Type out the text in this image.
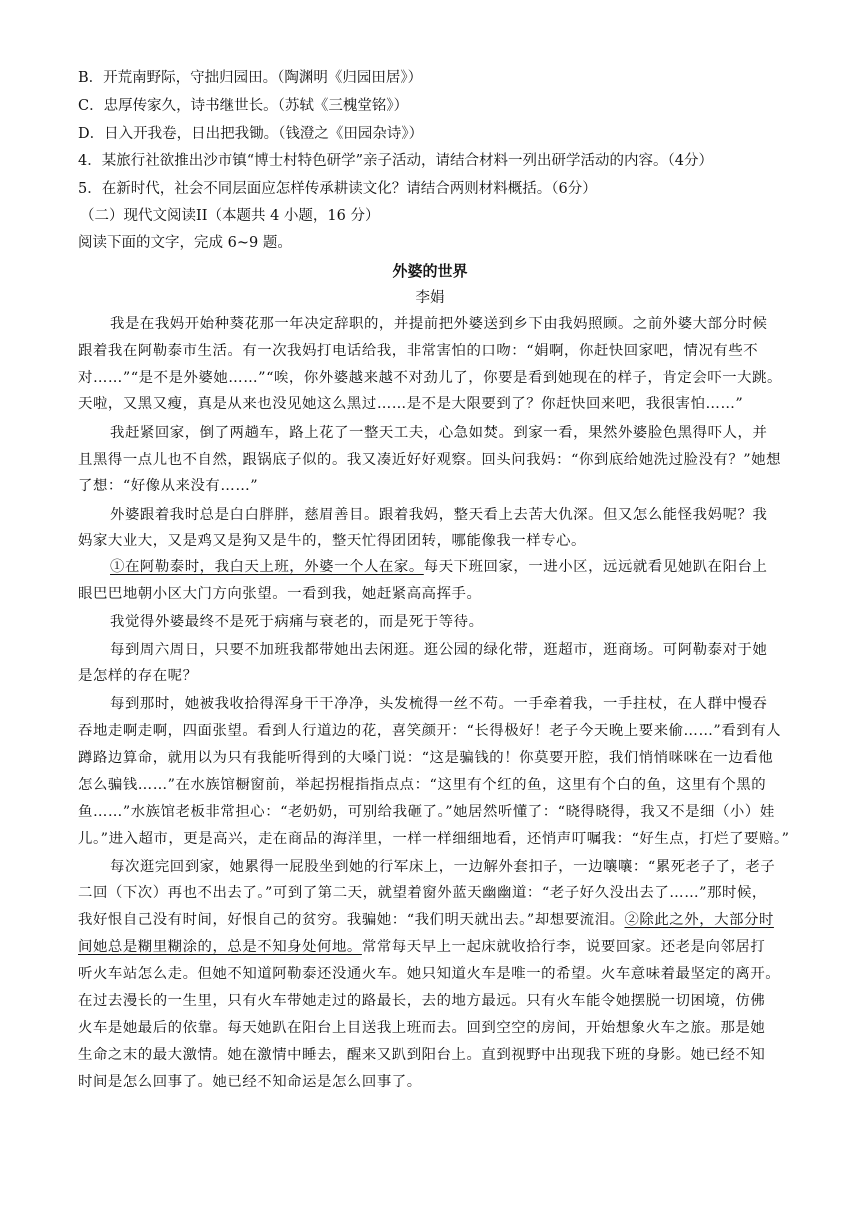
B．开荒南野际，守拙归园田。（陶渊明《归园田居》）
C．忠厚传家久，诗书继世长。（苏轼《三槐堂铭》）
D．日入开我卷，日出把我锄。（钱澄之《田园杂诗》）
4．某旅行社欲推出沙市镇“博士村特色研学”亲子活动，请结合材料一列出研学活动的内容。（4分）
5．在新时代，社会不同层面应怎样传承耕读文化？请结合两则材料概括。（6分）
（二）现代文阅读II（本题共 4 小题，16 分）
阅读下面的文字，完成 6~9 题。
外婆的世界
李娟
我是在我妈开始种葵花那一年决定辞职的，并提前把外婆送到乡下由我妈照顾。之前外婆大部分时候
跟着我在阿勒泰市生活。有一次我妈打电话给我，非常害怕的口吻：“娟啊，你赶快回家吧，情况有些不
对……”“是不是外婆她……”“唉，你外婆越来越不对劲儿了，你要是看到她现在的样子，肯定会吓一大跳。
天啦，又黑又瘦，真是从来也没见她这么黑过……是不是大限要到了？你赶快回来吧，我很害怕……”
我赶紧回家，倒了两趟车，路上花了一整天工夫，心急如焚。到家一看，果然外婆脸色黑得吓人，并
且黑得一点儿也不自然，跟锅底子似的。我又凑近好好观察。回头问我妈：“你到底给她洗过脸没有？”她想
了想：“好像从来没有……”
外婆跟着我时总是白白胖胖，慈眉善目。跟着我妈，整天看上去苦大仇深。但又怎么能怪我妈呢？我
妈家大业大，又是鸡又是狗又是牛的，整天忙得团团转，哪能像我一样专心。
①在阿勒泰时，我白天上班，外婆一个人在家。每天下班回家，一进小区，远远就看见她趴在阳台上
眼巴巴地朝小区大门方向张望。一看到我，她赶紧高高挥手。
我觉得外婆最终不是死于病痛与衰老的，而是死于等待。
每到周六周日，只要不加班我都带她出去闲逛。逛公园的绿化带，逛超市，逛商场。可阿勒泰对于她
是怎样的存在呢？
每到那时，她被我收拾得浑身干干净净，头发梳得一丝不苟。一手牵着我，一手拄杖，在人群中慢吞
吞地走啊走啊，四面张望。看到人行道边的花，喜笑颜开：“长得极好！老子今天晚上要来偷……”看到有人
蹲路边算命，就用以为只有我能听得到的大嗓门说：“这是骗钱的！你莫要开腔，我们悄悄咪咪在一边看他
怎么骗钱……”在水族馆橱窗前，举起拐棍指指点点：“这里有个红的鱼，这里有个白的鱼，这里有个黑的
鱼……”水族馆老板非常担心：“老奶奶，可别给我砸了。”她居然听懂了：“晓得晓得，我又不是细（小）娃
儿。”进入超市，更是高兴，走在商品的海洋里，一样一样细细地看，还悄声叮嘱我：“好生点，打烂了要赔。”
每次逛完回到家，她累得一屁股坐到她的行军床上，一边解外套扣子，一边嚷嚷：“累死老子了，老子
二回（下次）再也不出去了。”可到了第二天，就望着窗外蓝天幽幽道：“老子好久没出去了……”那时候，
我好恨自己没有时间，好恨自己的贫穷。我骗她：“我们明天就出去。”却想要流泪。②除此之外，大部分时
间她总是糊里糊涂的，总是不知身处何地。常常每天早上一起床就收拾行李，说要回家。还老是向邻居打
听火车站怎么走。但她不知道阿勒泰还没通火车。她只知道火车是唯一的希望。火车意味着最坚定的离开。
在过去漫长的一生里，只有火车带她走过的路最长，去的地方最远。只有火车能令她摆脱一切困境，仿佛
火车是她最后的依靠。每天她趴在阳台上目送我上班而去。回到空空的房间，开始想象火车之旅。那是她
生命之末的最大激情。她在激情中睡去，醒来又趴到阳台上。直到视野中出现我下班的身影。她已经不知
时间是怎么回事了。她已经不知命运是怎么回事了。
